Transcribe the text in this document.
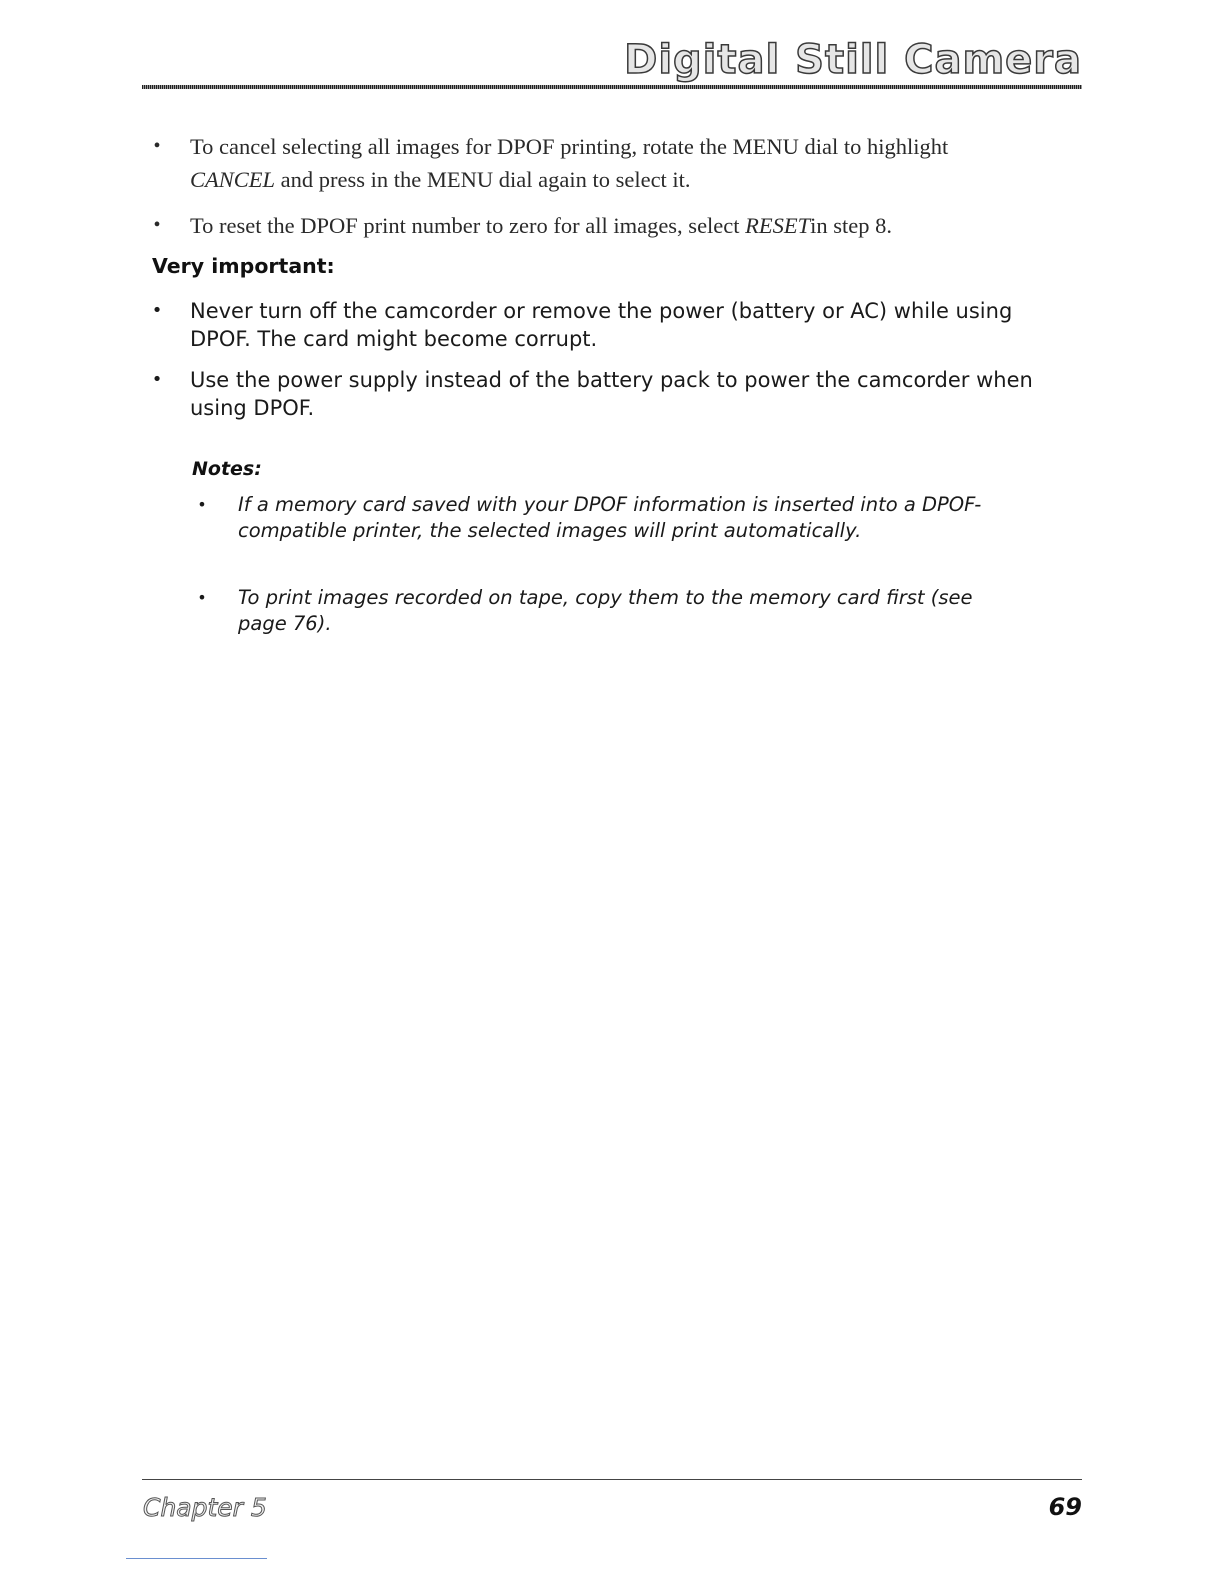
Digital Still Camera
•	To cancel selecting all images for DPOF printing, rotate the MENU dial to highlight
CANCEL and press in the MENU dial again to select it.
•	To reset the DPOF print number to zero for all images, select RESETin step 8.
Very important:
•	Never turn off the camcorder or remove the power (battery or AC) while using DPOF. The card might become corrupt.
•	Use the power supply instead of the battery pack to power the camcorder when using DPOF.
Notes:
•	If a memory card saved with your DPOF information is inserted into a DPOF-compatible printer, the selected images will print automatically.
•	To print images recorded on tape, copy them to the memory card first (see page 76).
Chapter 5	69
